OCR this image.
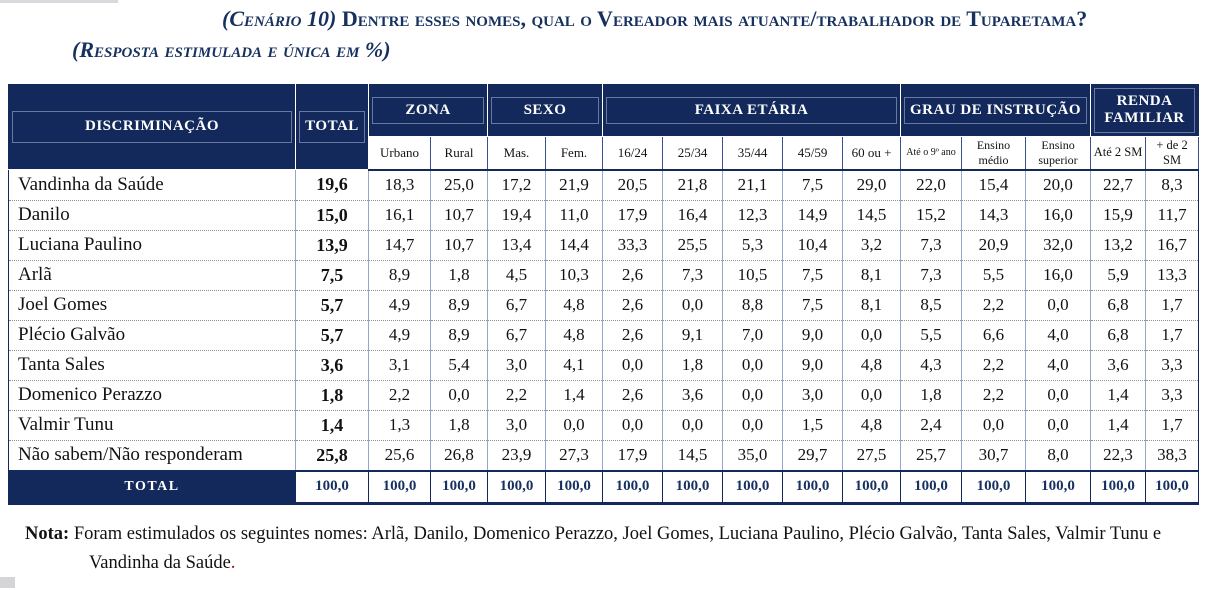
(Cenário 10) Dentre esses nomes, qual o Vereador mais atuante/trabalhador de Tuparetama? (Resposta estimulada e única em %)
DISCRIMINAÇÃO	TOTAL	ZONA		SEXO		FAIXA ETÁRIA					GRAU DE INSTRUÇÃO			RENDA FAMILIAR	

		Urbano	Rural	Mas.	Fem.	16/24	25/34	35/44	45/59	60 ou +	Até o 9º ano	Ensino médio	Ensino superior	Até 2 SM	+ de 2 SM
Vandinha da Saúde	19,6	18,3	25,0	17,2	21,9	20,5	21,8	21,1	7,5	29,0	22,0	15,4	20,0	22,7	8,3
Danilo	15,0	16,1	10,7	19,4	11,0	17,9	16,4	12,3	14,9	14,5	15,2	14,3	16,0	15,9	11,7
Luciana Paulino	13,9	14,7	10,7	13,4	14,4	33,3	25,5	5,3	10,4	3,2	7,3	20,9	32,0	13,2	16,7
Arlã	7,5	8,9	1,8	4,5	10,3	2,6	7,3	10,5	7,5	8,1	7,3	5,5	16,0	5,9	13,3
Joel Gomes	5,7	4,9	8,9	6,7	4,8	2,6	0,0	8,8	7,5	8,1	8,5	2,2	0,0	6,8	1,7
Plécio Galvão	5,7	4,9	8,9	6,7	4,8	2,6	9,1	7,0	9,0	0,0	5,5	6,6	4,0	6,8	1,7
Tanta Sales	3,6	3,1	5,4	3,0	4,1	0,0	1,8	0,0	9,0	4,8	4,3	2,2	4,0	3,6	3,3
Domenico Perazzo	1,8	2,2	0,0	2,2	1,4	2,6	3,6	0,0	3,0	0,0	1,8	2,2	0,0	1,4	3,3
Valmir Tunu	1,4	1,3	1,8	3,0	0,0	0,0	0,0	0,0	1,5	4,8	2,4	0,0	0,0	1,4	1,7
Não sabem/Não responderam	25,8	25,6	26,8	23,9	27,3	17,9	14,5	35,0	29,7	27,5	25,7	30,7	8,0	22,3	38,3
TOTAL	100,0	100,0	100,0	100,0	100,0	100,0	100,0	100,0	100,0	100,0	100,0	100,0	100,0	100,0	100,0
Nota: Foram estimulados os seguintes nomes: Arlã, Danilo, Domenico Perazzo, Joel Gomes, Luciana Paulino, Plécio Galvão, Tanta Sales, Valmir Tunu e Vandinha da Saúde.
